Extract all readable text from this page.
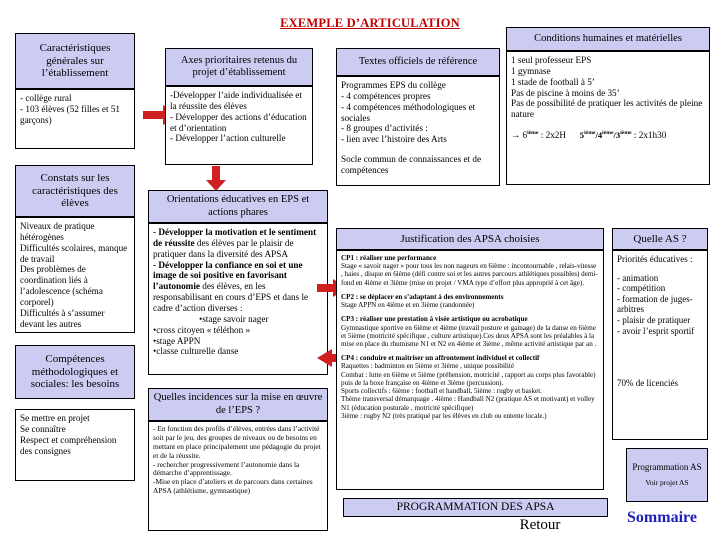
EXEMPLE D’ARTICULATION
Caractéristiques générales sur l’établissement

- collège rural

- 103 élèves (52 filles et 51 garçons)

Constats sur les caractéristiques des élèves

Niveaux de pratique hétérogènes

Difficultés scolaires, manque de travail

Des problèmes de coordination liés à l’adolescence (schéma corporel)

Difficultés à s’assumer devant les autres

Compétences méthodologiques et sociales: les besoins

Se mettre en projet

Se connaître

Respect et compréhension des consignes

Axes prioritaires retenus du projet d’établissement

-Développer l’aide individualisée et la réussite des élèves

- Développer des actions d’éducation et d’orientation

- Développer l’action culturelle

Orientations éducatives en EPS et actions phares

- Développer la motivation et le sentiment de réussite des élèves par le plaisir de pratiquer dans la diversité des APSA

- Développer la confiance en soi et une image de soi positive en favorisant l’autonomie des élèves, en les responsabilisant en cours d’EPS et dans le cadre d’action diverses :

•stage savoir nager

•cross citoyen « téléthon »

•stage APPN

•classe culturelle danse

Quelles incidences sur la mise en œuvre de l’EPS ?

- En fonction des profils d’élèves, entrées dans l’activité soit par le jeu, des groupes de niveaux ou de besoins en mettant en place principalement une pédagogie du projet et de la réussite.

- rechercher progressivement l’autonomie dans la démarche d’apprentissage.

-Mise en place d’ateliers et de parcours dans certaines APSA (athlétisme, gymnastique)

Textes officiels de référence

Programmes EPS du collège

- 4 compétences propres

- 4 compétences méthodologiques et sociales

- 8 groupes d’activités :

- lien avec l’histoire des Arts

Socle commun de connaissances et de compétences

Conditions humaines et matérielles

1 seul professeur EPS

1 gymnase

1 stade de football à 5’

Pas de piscine à moins de 35’

Pas de possibilité de pratiquer les activités de pleine nature

→ 6ième : 2x2H 5ième/4ième/3ième : 2x1h30

Justification des APSA choisies

CP1 : réaliser une performance

Stage « savoir nager » pour tous les non nageurs en 6ième : incontournable , relais-vitesse , haies , disque en 6ième (défi contre soi et les autres parcours athlétiques possibles) demi-fond en 4ième et 3ième (mise en projet / VMA type d’effort plus approprié à cet âge).

CP2 : se déplacer en s’adaptant à des environnements

Stage APPN en 4ième et en 3ième (randonnée)

CP3 : réaliser une prestation à visée artistique ou acrobatique

Gymnastique sportive en 6ième et 4ième (travail posture et gainage) de la danse en 6ième et 5ième (motricité spécifique , culture artistique).Ces deux APSA sont les préalables à la mise en place du rhumisme N1 et N2 en 4ième et 3ième , même activité artistique par an .

CP4 : conduire et maîtriser un affrontement individuel et collectif

Raquettes : badminton en 5ième et 3ième , unique possibilité

Combat : lutte en 6ième et 5ième (préhension, motricité , rapport au corps plus favorable) puis de la boxe française en 4ième et 3ième (percussion).

Sports collectifs : 6ième : football et handball, 5ième : rugby et basket.

Thème transversal démarquage . 4ième : Handball N2 (pratique AS et motivant) et volley N1 (éducation posturale , motricité spécifique)

3ième : rugby N2 (très pratiqué par les élèves en club ou entente locale.)

Quelle AS ?

Priorités éducatives :

- animation

- compétition

- formation de juges- arbitres

- plaisir de pratiquer

- avoir l’esprit sportif

70% de licenciés

Programmation AS
Voir projet AS
PROGRAMMATION DES APSA
Retour	Sommaire
